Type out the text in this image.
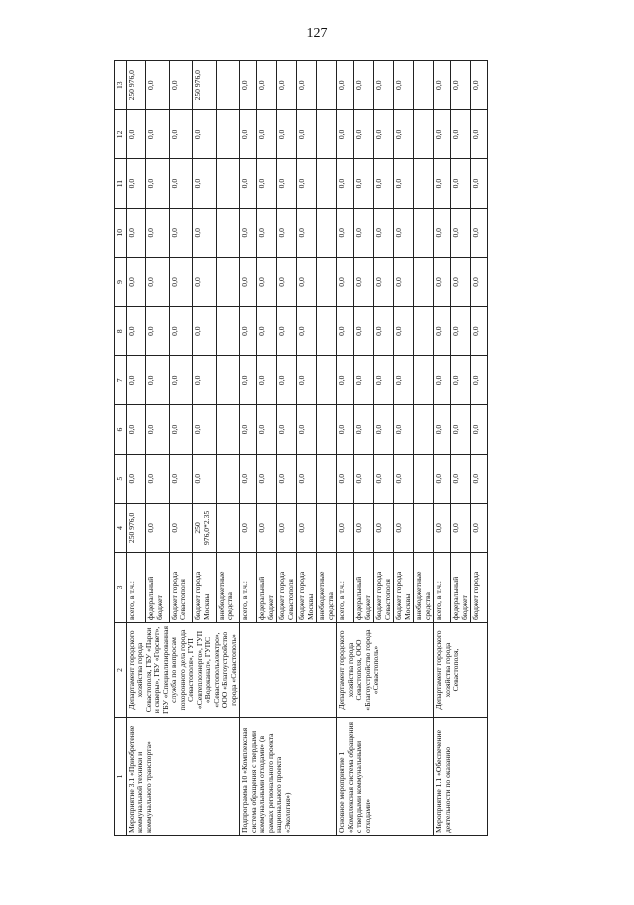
127
1	2	3	4	5	6	7	8	9	10	11	12	13
Мероприятие 3.1 «Приобретение коммунальной техники и коммунального транспорта»	Департамент городского хозяйства города Севастополя, ГБУ «Парки и скверы», ГБУ «Горсвет», ГБУ «Специализированная служба по вопросам похоронного дела города Севастополя», ГУП «Севтеплоэнерго», ГУП «Водоканал», ГУПС «Севастопольэлектро», ООО «Благоустройство города «Севастополь»	всего, в т.ч.:	250 976,0	0,0	0,0	0,0	0,0	0,0	0,0	0,0	0,0	250 976,0
		федеральный бюджет	0,0	0,0	0,0	0,0	0,0	0,0	0,0	0,0	0,0	0,0
		бюджет города Севастополя	0,0	0,0	0,0	0,0	0,0	0,0	0,0	0,0	0,0	0,0
		бюджет города Москвы	250 976,0*2.35	0,0	0,0	0,0	0,0	0,0	0,0	0,0	0,0	250 976,0
		внебюджетные средства										
Подпрограмма 10 «Комплексная система обращения с твердыми коммунальными отходами» (в рамках регионального проекта национального проекта «Экология»)		всего, в т.ч.:	0,0	0,0	0,0	0,0	0,0	0,0	0,0	0,0	0,0	0,0
		федеральный бюджет	0,0	0,0	0,0	0,0	0,0	0,0	0,0	0,0	0,0	0,0
		бюджет города Севастополя	0,0	0,0	0,0	0,0	0,0	0,0	0,0	0,0	0,0	0,0
		бюджет города Москвы	0,0	0,0	0,0	0,0	0,0	0,0	0,0	0,0	0,0	0,0
		внебюджетные средства										
Основное мероприятие 1 «Комплексная система обращения с твердыми коммунальными отходами»	Департамент городского хозяйства города Севастополя, ООО «Благоустройство города «Севастополь»	всего, в т.ч.:	0,0	0,0	0,0	0,0	0,0	0,0	0,0	0,0	0,0	0,0
		федеральный бюджет	0,0	0,0	0,0	0,0	0,0	0,0	0,0	0,0	0,0	0,0
		бюджет города Севастополя	0,0	0,0	0,0	0,0	0,0	0,0	0,0	0,0	0,0	0,0
		бюджет города Москвы	0,0	0,0	0,0	0,0	0,0	0,0	0,0	0,0	0,0	0,0
		внебюджетные средства										
Мероприятие 1.1 «Обеспечение деятельности по оказанию	Департамент городского хозяйства города Севастополя,	всего, в т.ч.:	0,0	0,0	0,0	0,0	0,0	0,0	0,0	0,0	0,0	0,0
		федеральный бюджет	0,0	0,0	0,0	0,0	0,0	0,0	0,0	0,0	0,0	0,0
		бюджет города	0,0	0,0	0,0	0,0	0,0	0,0	0,0	0,0	0,0	0,0
